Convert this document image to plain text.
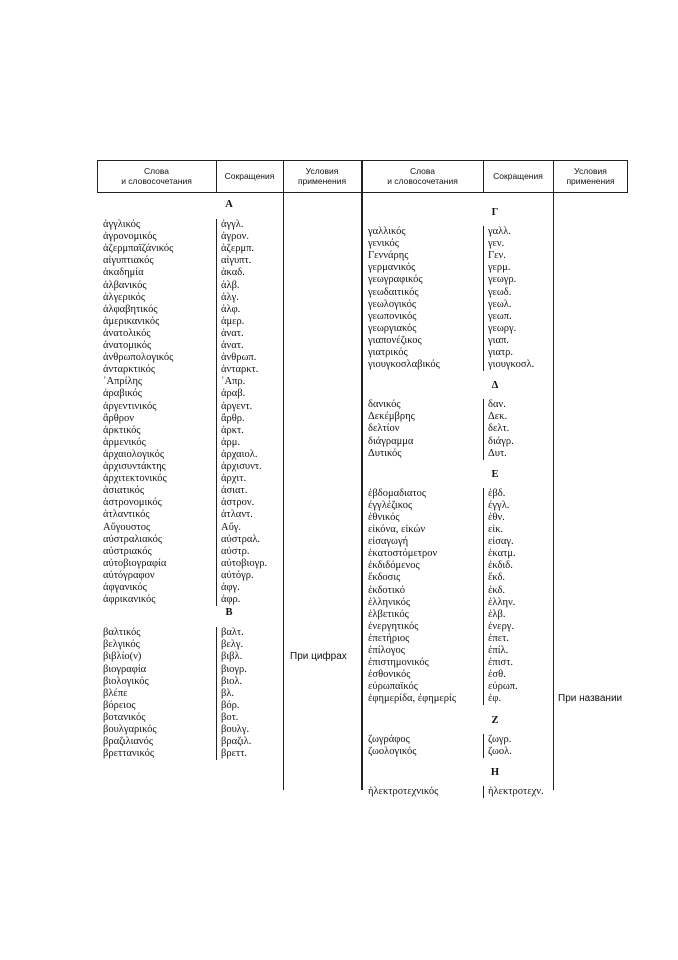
Слова
и словосочетания	Сокращения	Условия
применения
Слова
и словосочетания	Сокращения	Условия
применения
Α
ἀγγλικός	ἀγγλ.
ἀγρονομικός	ἀγρον.
ἀζερμπαϊζάνικός	ἀζερμπ.
αἰγυπτιακός	αἰγυπτ.
ἀκαδημία	ἀκαδ.
ἀλβανικός	ἀλβ.
ἀλγερικός	ἀλγ.
ἀλφαβητικός	ἀλφ.
ἀμερικανικός	ἀμερ.
ἀνατολικός	ἀνατ.
ἀνατομικός	ἀνατ.
ἀνθρωπολογικός	ἀνθρωπ.
ἀνταρκτικός	ἀνταρκτ.
᾿Απρίλης	᾿Απρ.
ἀραβικός	ἀραβ.
ἀργεντινικός	ἀργεντ.
ἄρθρον	ἄρθρ.
ἀρκτικός	ἀρκτ.
ἀρμενικός	ἀρμ.
ἀρχαιολογικός	ἀρχαιολ.
ἀρχισυντάκτης	ἀρχισυντ.
ἀρχιτεκτονικός	ἀρχιτ.
ἀσιατικός	ἀσιατ.
ἀστρονομικός	ἀστρον.
ἀτλαντικός	ἀτλαντ.
Αὔγουστος	Αὔγ.
αὐστραλιακός	αὐστραλ.
αὐστριακός	αὐστρ.
αὐτοβιογραφία	αὐτοβιογρ.
αὐτόγραφον	αὐτόγρ.
ἀφγανικός	ἀφγ.
ἀφρικανικός	ἀφρ.
Β
βαλτικός	βαλτ.
βελγικός	βελγ.
βιβλίο(ν)	βιβλ.	При цифрах
βιογραφία	βιογρ.
βιολογικός	βιολ.
βλέπε	βλ.
βόρειος	βόρ.
βοτανικός	βοτ.
βουλγαρικός	βουλγ.
βραζιλιανός	βραζιλ.
βρεττανικός	βρεττ.
Γ
γαλλικός	γαλλ.
γενικός	γεν.
Γεννάρης	Γεν.
γερμανικός	γερμ.
γεωγραφικός	γεωγρ.
γεωδαιτικός	γεωδ.
γεωλογικός	γεωλ.
γεωπονικός	γεωπ.
γεωργιακός	γεωργ.
γιαπονέζικος	γιαπ.
γιατρικός	γιατρ.
γιουγκοσλαβικός	γιουγκοσλ.
Δ
δανικός	δαν.
Δεκέμβρης	Δεκ.
δελτίον	δελτ.
διάγραμμα	διάγρ.
Δυτικός	Δυτ.
Ε
ἑβδομαδιατος	ἑβδ.
ἐγγλέζικος	ἐγγλ.
ἐθνικός	ἐθν.
εἰκόνα, εἰκών	εἰκ.
εἰσαγωγή	εἰσαγ.
ἑκατοστόμετρον	ἑκατμ.
ἐκδιδόμενος	ἐκδιδ.
ἔκδοσις	ἔκδ.
ἐκδοτικό	ἐκδ.
ἑλληνικός	ἑλλην.
ἐλβετικός	ἐλβ.
ἐνεργητικός	ἐνεργ.
ἐπετήριος	ἐπετ.
ἐπίλογος	ἐπίλ.
ἐπιστημονικός	ἐπιστ.
ἐσθονικός	ἐσθ.
εὐρωπαϊκός	εὐρωπ.
ἐφημερίδα, ἐφημερίς	ἐφ.	При названии
Ζ
ζωγράφος	ζωγρ.
ζωολογικός	ζωολ.
Η
ἠλεκτροτεχνικός	ἠλεκτροτεχν.
